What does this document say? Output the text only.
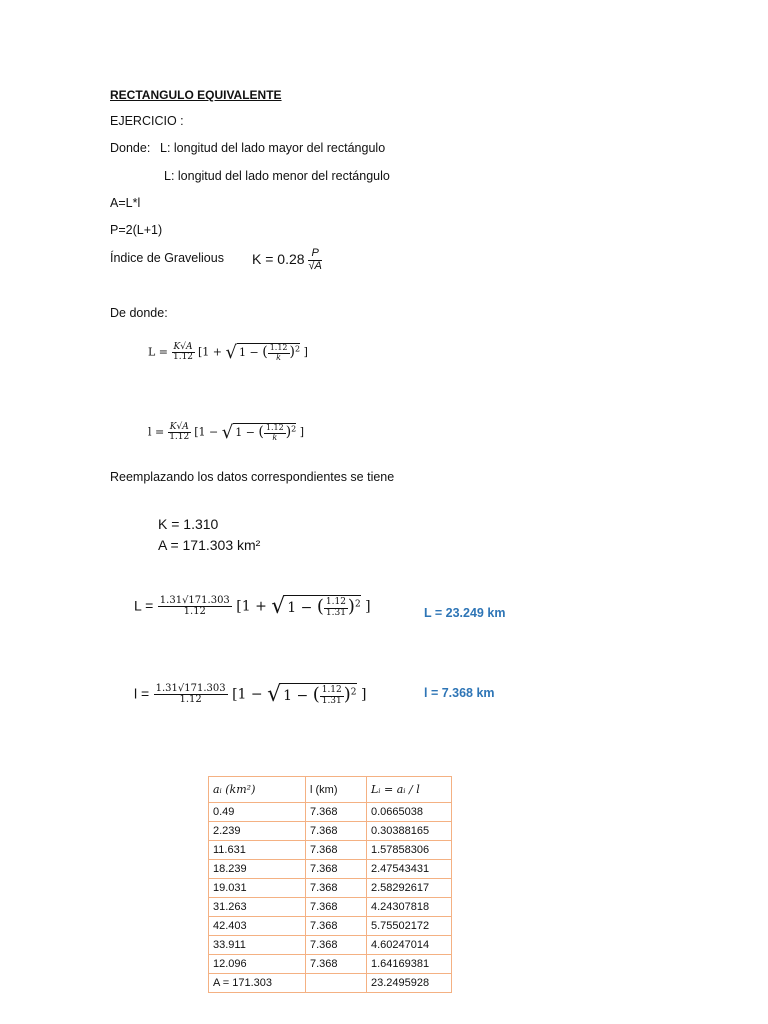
RECTANGULO EQUIVALENTE
EJERCICIO :
Donde: L: longitud del lado mayor del rectángulo
L: longitud del lado menor del rectángulo
A=L*l
P=2(L+1)
Índice de Gravelious $K = 0.28 \frac{P}{√A}$
De donde:
$L = \frac{K√A}{1.12} [1$ + √ 1 − ( $\frac{1.12}{k} )^2$ ]
$l = \frac{K√A}{1.12} [1$ − √ 1 − ( $\frac{1.12}{k} )^2$ ]
Reemplazando los datos correspondientes se tiene
K = 1.310
A = 171.303 km²
$L = \frac{1.31√171.303}{1.12} [1$ + √ 1 − ( $\frac{1.12}{1.31} )^2$ ]	L = 23.249 km
$l = \frac{1.31√171.303}{1.12} [1$ − √ 1 − ( $\frac{1.12}{1.31} )^2$ ]	l = 7.368 km
aᵢ (km²)	l (km)	Lᵢ = aᵢ / l
0.49	7.368	0.0665038
2.239	7.368	0.30388165
11.631	7.368	1.57858306
18.239	7.368	2.47543431
19.031	7.368	2.58292617
31.263	7.368	4.24307818
42.403	7.368	5.75502172
33.911	7.368	4.60247014
12.096	7.368	1.64169381
A = 171.303		23.2495928
